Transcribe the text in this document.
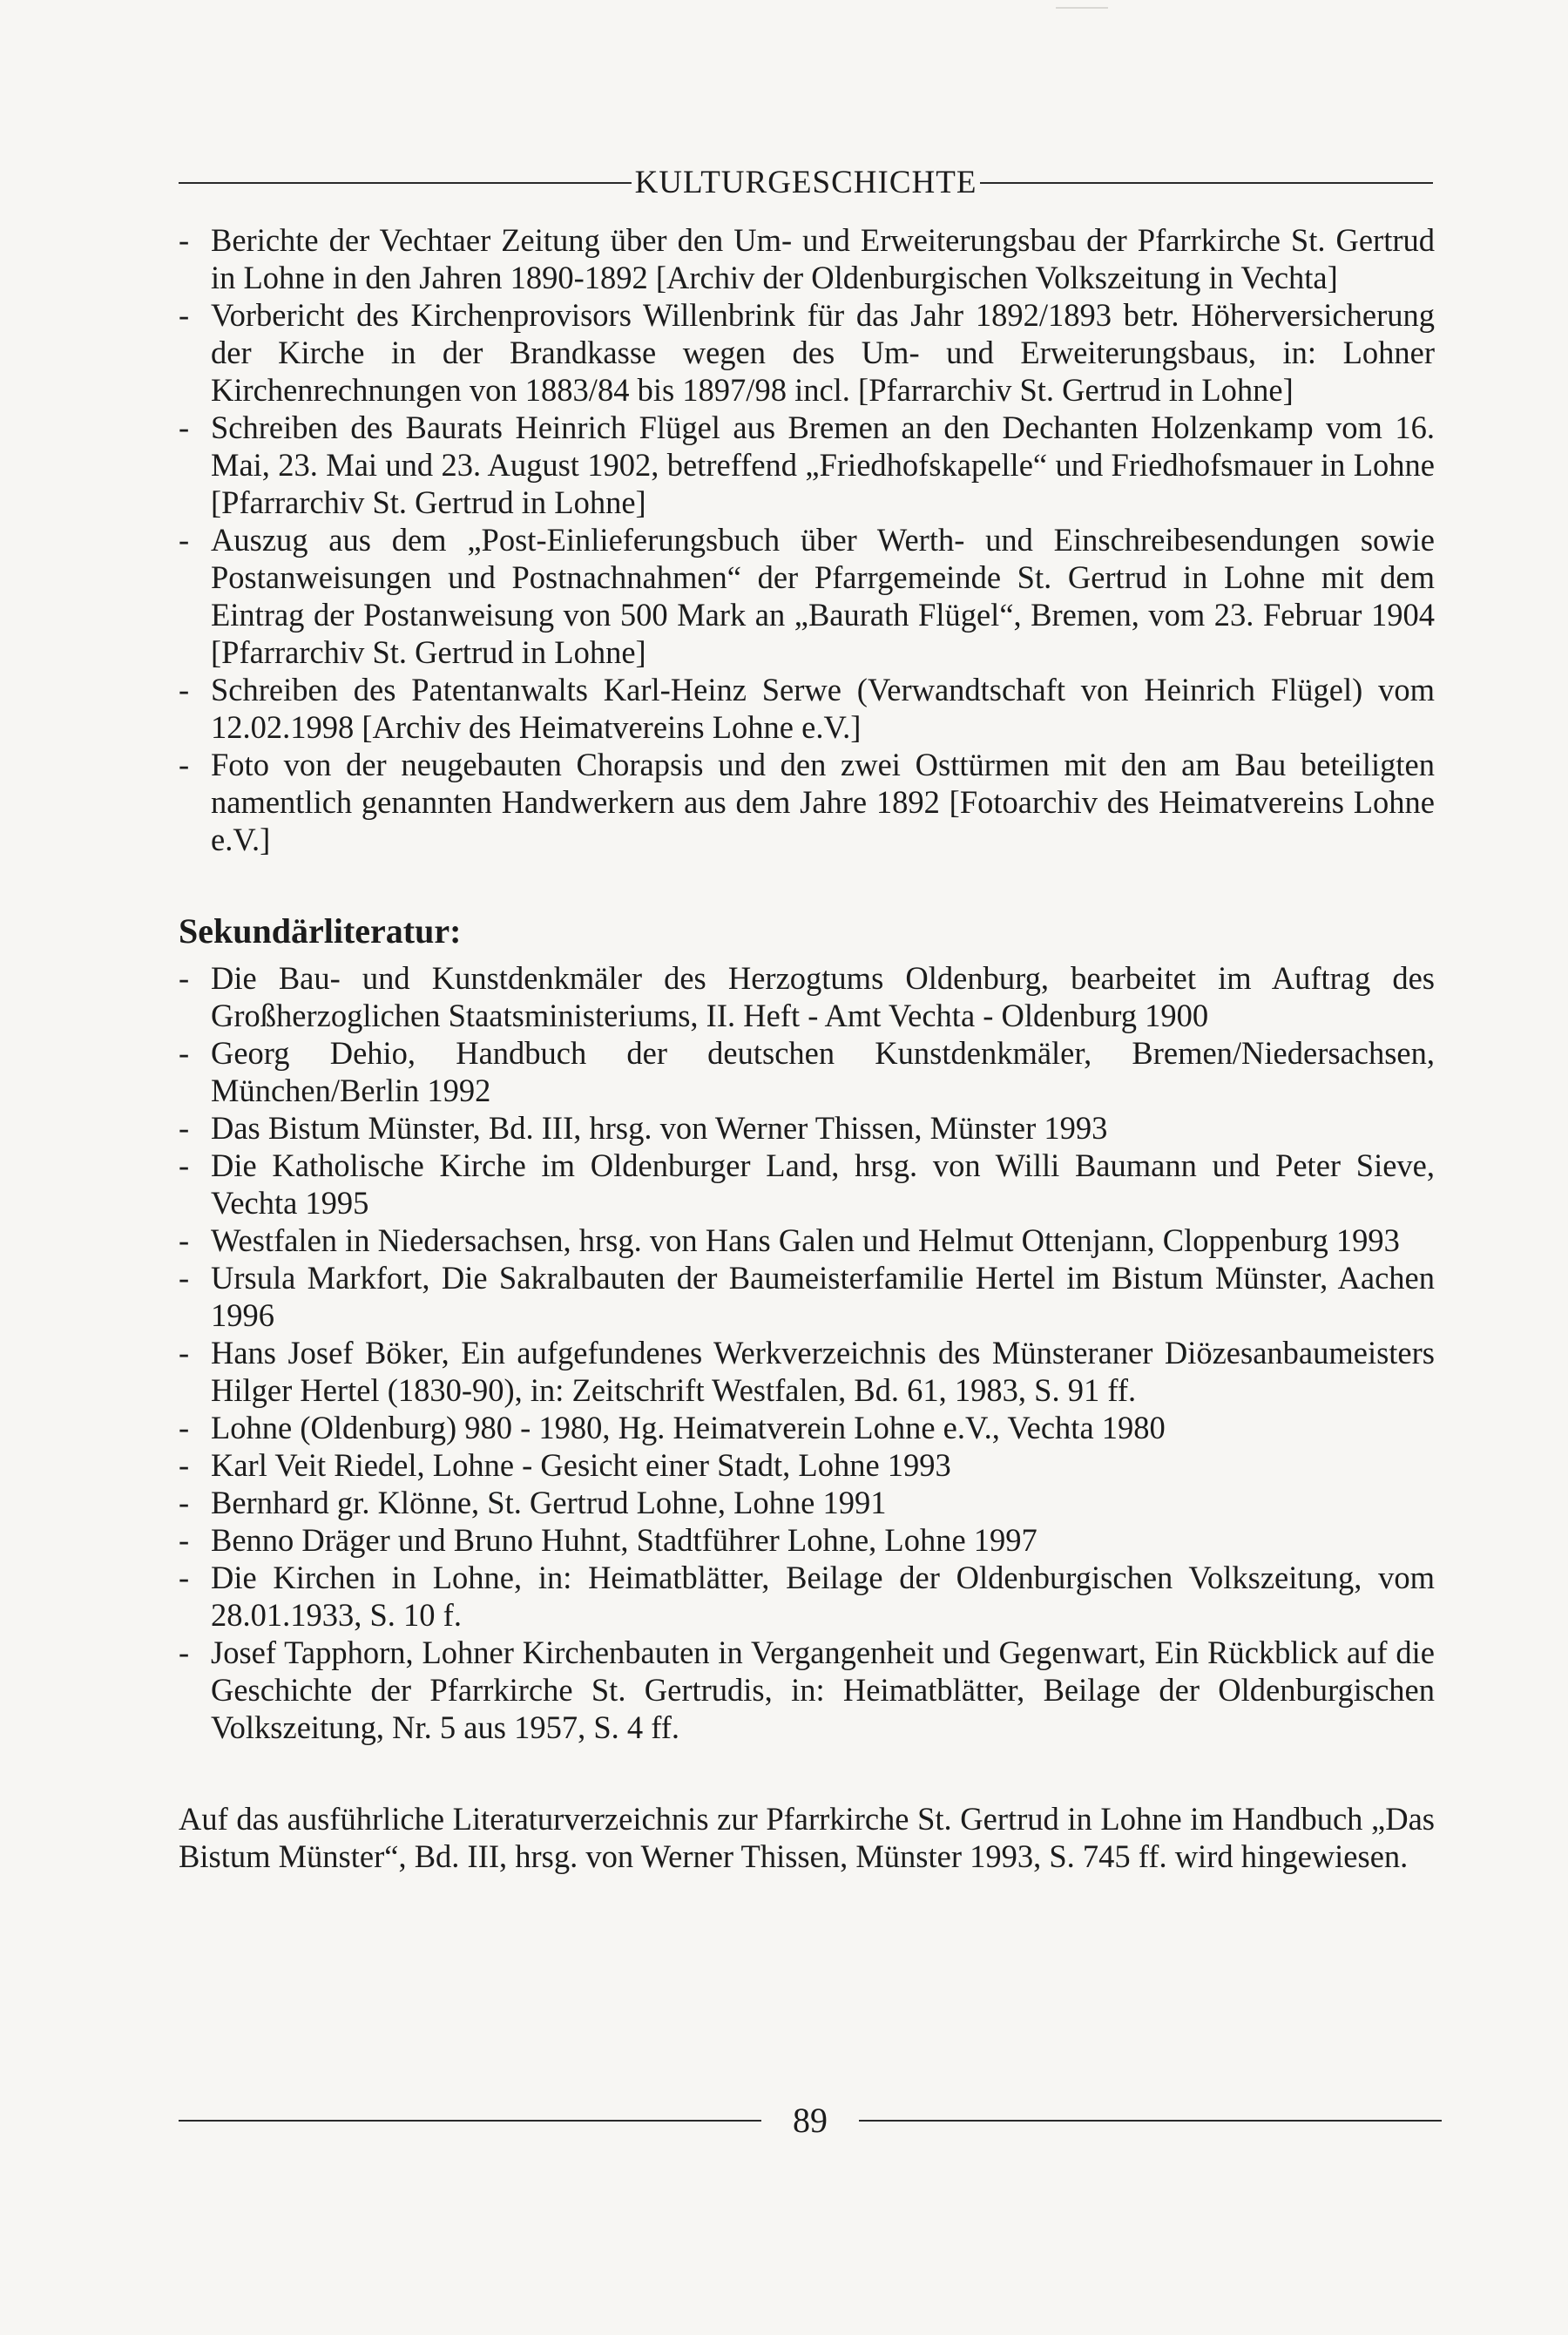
KULTURGESCHICHTE
- Berichte der Vechtaer Zeitung über den Um- und Erweiterungsbau der Pfarrkirche St. Gertrud in Lohne in den Jahren 1890-1892 [Archiv der Oldenburgischen Volkszeitung in Vechta]
- Vorbericht des Kirchenprovisors Willenbrink für das Jahr 1892/1893 betr. Höherversicherung der Kirche in der Brandkasse wegen des Um- und Erweiterungsbaus, in: Lohner Kirchenrechnungen von 1883/84 bis 1897/98 incl. [Pfarrarchiv St. Gertrud in Lohne]
- Schreiben des Baurats Heinrich Flügel aus Bremen an den Dechanten Holzenkamp vom 16. Mai, 23. Mai und 23. August 1902, betreffend „Friedhofskapelle“ und Friedhofsmauer in Lohne [Pfarrarchiv St. Gertrud in Lohne]
- Auszug aus dem „Post-Einlieferungsbuch über Werth- und Einschreibesendungen sowie Postanweisungen und Postnachnahmen“ der Pfarrgemeinde St. Gertrud in Lohne mit dem Eintrag der Postanweisung von 500 Mark an „Baurath Flügel“, Bremen, vom 23. Februar 1904 [Pfarrarchiv St. Gertrud in Lohne]
- Schreiben des Patentanwalts Karl-Heinz Serwe (Verwandtschaft von Heinrich Flügel) vom 12.02.1998 [Archiv des Heimatvereins Lohne e.V.]
- Foto von der neugebauten Chorapsis und den zwei Osttürmen mit den am Bau beteiligten namentlich genannten Handwerkern aus dem Jahre 1892 [Fotoarchiv des Heimatvereins Lohne e.V.]
Sekundärliteratur:
- Die Bau- und Kunstdenkmäler des Herzogtums Oldenburg, bearbeitet im Auftrag des Großherzoglichen Staatsministeriums, II. Heft - Amt Vechta - Oldenburg 1900
- Georg Dehio, Handbuch der deutschen Kunstdenkmäler, Bremen/Niedersachsen, München/Berlin 1992
- Das Bistum Münster, Bd. III, hrsg. von Werner Thissen, Münster 1993
- Die Katholische Kirche im Oldenburger Land, hrsg. von Willi Baumann und Peter Sieve, Vechta 1995
- Westfalen in Niedersachsen, hrsg. von Hans Galen und Helmut Ottenjann, Cloppenburg 1993
- Ursula Markfort, Die Sakralbauten der Baumeisterfamilie Hertel im Bistum Münster, Aachen 1996
- Hans Josef Böker, Ein aufgefundenes Werkverzeichnis des Münsteraner Diözesanbaumeisters Hilger Hertel (1830-90), in: Zeitschrift Westfalen, Bd. 61, 1983, S. 91 ff.
- Lohne (Oldenburg) 980 - 1980, Hg. Heimatverein Lohne e.V., Vechta 1980
- Karl Veit Riedel, Lohne - Gesicht einer Stadt, Lohne 1993
- Bernhard gr. Klönne, St. Gertrud Lohne, Lohne 1991
- Benno Dräger und Bruno Huhnt, Stadtführer Lohne, Lohne 1997
- Die Kirchen in Lohne, in: Heimatblätter, Beilage der Oldenburgischen Volkszeitung, vom 28.01.1933, S. 10 f.
- Josef Tapphorn, Lohner Kirchenbauten in Vergangenheit und Gegenwart, Ein Rückblick auf die Geschichte der Pfarrkirche St. Gertrudis, in: Heimatblätter, Beilage der Oldenburgischen Volkszeitung, Nr. 5 aus 1957, S. 4 ff.

Auf das ausführliche Literaturverzeichnis zur Pfarrkirche St. Gertrud in Lohne im Handbuch „Das Bistum Münster“, Bd. III, hrsg. von Werner Thissen, Münster 1993, S. 745 ff. wird hingewiesen.

89
